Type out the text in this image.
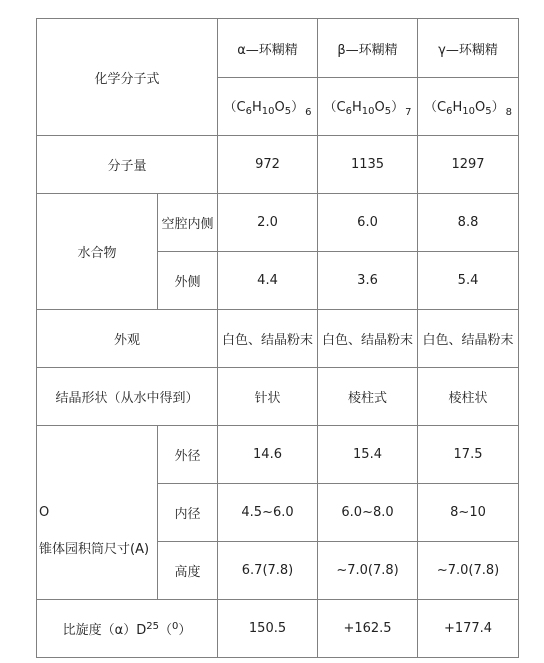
化学分子式		α—环糊精	β—环糊精	γ—环糊精
		$(C_6H_{10}O_5)_6$	$(C_6H_{10}O_5)_7$	$(C_6H_{10}O_5)_8$
分子量		972	1135	1297
水合物	空腔内侧	2.0	6.0	8.8
	外侧	4.4	3.6	5.4
外观		白色、结晶粉末	白色、结晶粉末	白色、结晶粉末
结晶形状（从水中得到）		针状	棱柱式	棱柱状

O
锥体园积筒尺寸(A)	外径	14.6	15.4	17.5
	内径	4.5~6.0	6.0~8.0	8~10
	高度	6.7(7.8)	~7.0(7.8)	~7.0(7.8)
比旋度$(\alpha)D^{25}(^0)$		150.5	+162.5	+177.4
